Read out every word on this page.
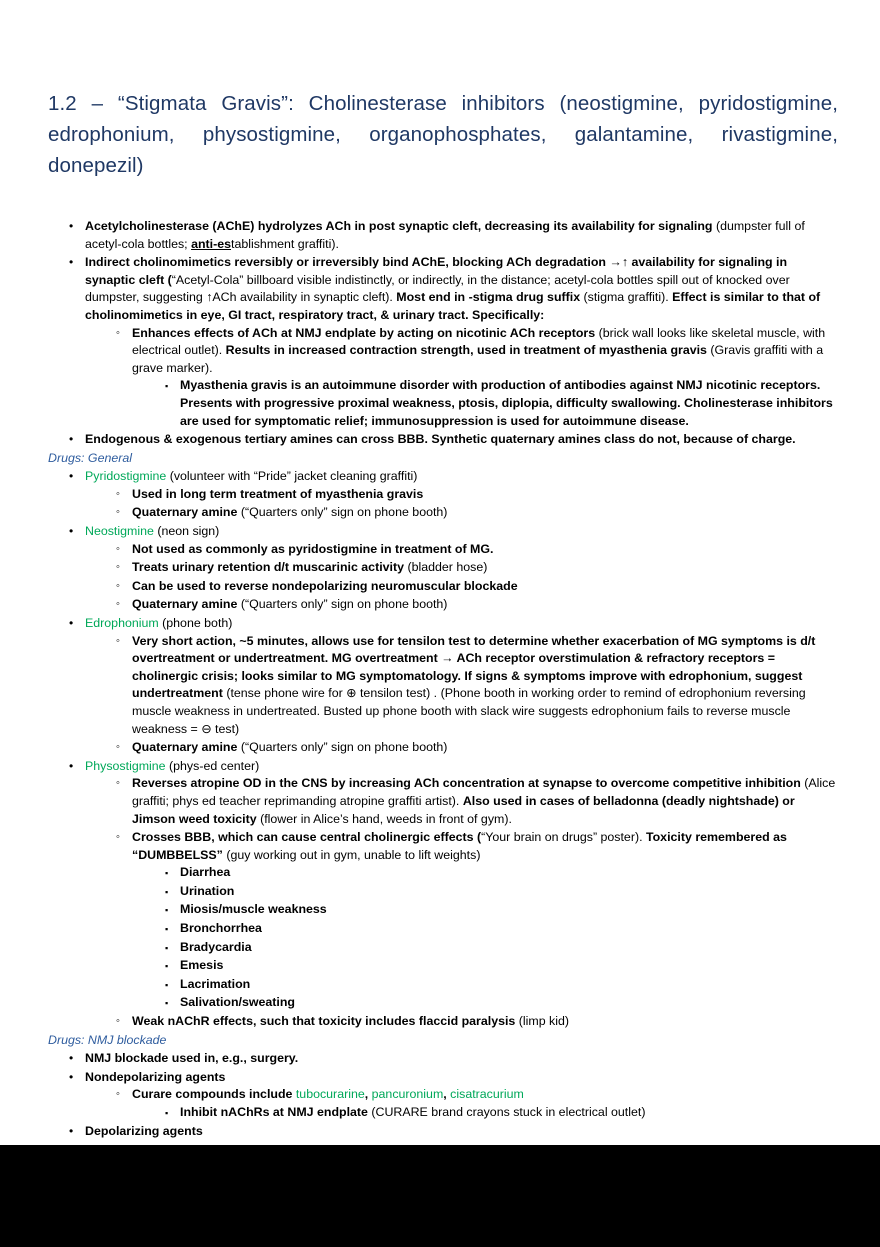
1.2 – “Stigmata Gravis”: Cholinesterase inhibitors (neostigmine, pyridostigmine, edrophonium, physostigmine, organophosphates, galantamine, rivastigmine, donepezil)
•
Acetylcholinesterase (AChE) hydrolyzes ACh in post synaptic cleft, decreasing its availability for signaling (dumpster full of acetyl-cola bottles; anti-establishment graffiti).
•
Indirect cholinomimetics reversibly or irreversibly bind AChE, blocking ACh degradation →↑ availability for signaling in synaptic cleft (“Acetyl-Cola” billboard visible indistinctly, or indirectly, in the distance; acetyl-cola bottles spill out of knocked over dumpster, suggesting ↑ACh availability in synaptic cleft). Most end in -stigma drug suffix (stigma graffiti). Effect is similar to that of cholinomimetics in eye, GI tract, respiratory tract, & urinary tract. Specifically:
◦
Enhances effects of ACh at NMJ endplate by acting on nicotinic ACh receptors (brick wall looks like skeletal muscle, with electrical outlet). Results in increased contraction strength, used in treatment of myasthenia gravis (Gravis graffiti with a grave marker).
▪
Myasthenia gravis is an autoimmune disorder with production of antibodies against NMJ nicotinic receptors. Presents with progressive proximal weakness, ptosis, diplopia, difficulty swallowing. Cholinesterase inhibitors are used for symptomatic relief; immunosuppression is used for autoimmune disease.
•
Endogenous & exogenous tertiary amines can cross BBB. Synthetic quaternary amines class do not, because of charge.
Drugs: General
•
Pyridostigmine (volunteer with “Pride” jacket cleaning graffiti)
◦
Used in long term treatment of myasthenia gravis
◦
Quaternary amine (“Quarters only” sign on phone booth)
•
Neostigmine (neon sign)
◦
Not used as commonly as pyridostigmine in treatment of MG.
◦
Treats urinary retention d/t muscarinic activity (bladder hose)
◦
Can be used to reverse nondepolarizing neuromuscular blockade
◦
Quaternary amine (“Quarters only” sign on phone booth)
•
Edrophonium (phone both)
◦
Very short action, ~5 minutes, allows use for tensilon test to determine whether exacerbation of MG symptoms is d/t overtreatment or undertreatment. MG overtreatment → ACh receptor overstimulation & refractory receptors = cholinergic crisis; looks similar to MG symptomatology. If signs & symptoms improve with edrophonium, suggest undertreatment (tense phone wire for ⊕ tensilon test) . (Phone booth in working order to remind of edrophonium reversing muscle weakness in undertreated. Busted up phone booth with slack wire suggests edrophonium fails to reverse muscle weakness = ⊖ test)
◦
Quaternary amine (“Quarters only” sign on phone booth)
•
Physostigmine (phys-ed center)
◦
Reverses atropine OD in the CNS by increasing ACh concentration at synapse to overcome competitive inhibition (Alice graffiti; phys ed teacher reprimanding atropine graffiti artist). Also used in cases of belladonna (deadly nightshade) or Jimson weed toxicity (flower in Alice’s hand, weeds in front of gym).
◦
Crosses BBB, which can cause central cholinergic effects (“Your brain on drugs” poster). Toxicity remembered as “DUMBBELSS” (guy working out in gym, unable to lift weights)
▪
Diarrhea
▪
Urination
▪
Miosis/muscle weakness
▪
Bronchorrhea
▪
Bradycardia
▪
Emesis
▪
Lacrimation
▪
Salivation/sweating
◦
Weak nAChR effects, such that toxicity includes flaccid paralysis (limp kid)
Drugs: NMJ blockade
•
NMJ blockade used in, e.g., surgery.
•
Nondepolarizing agents
◦
Curare compounds include tubocurarine, pancuronium, cisatracurium
▪
Inhibit nAChRs at NMJ endplate (CURARE brand crayons stuck in electrical outlet)
•
Depolarizing agents
